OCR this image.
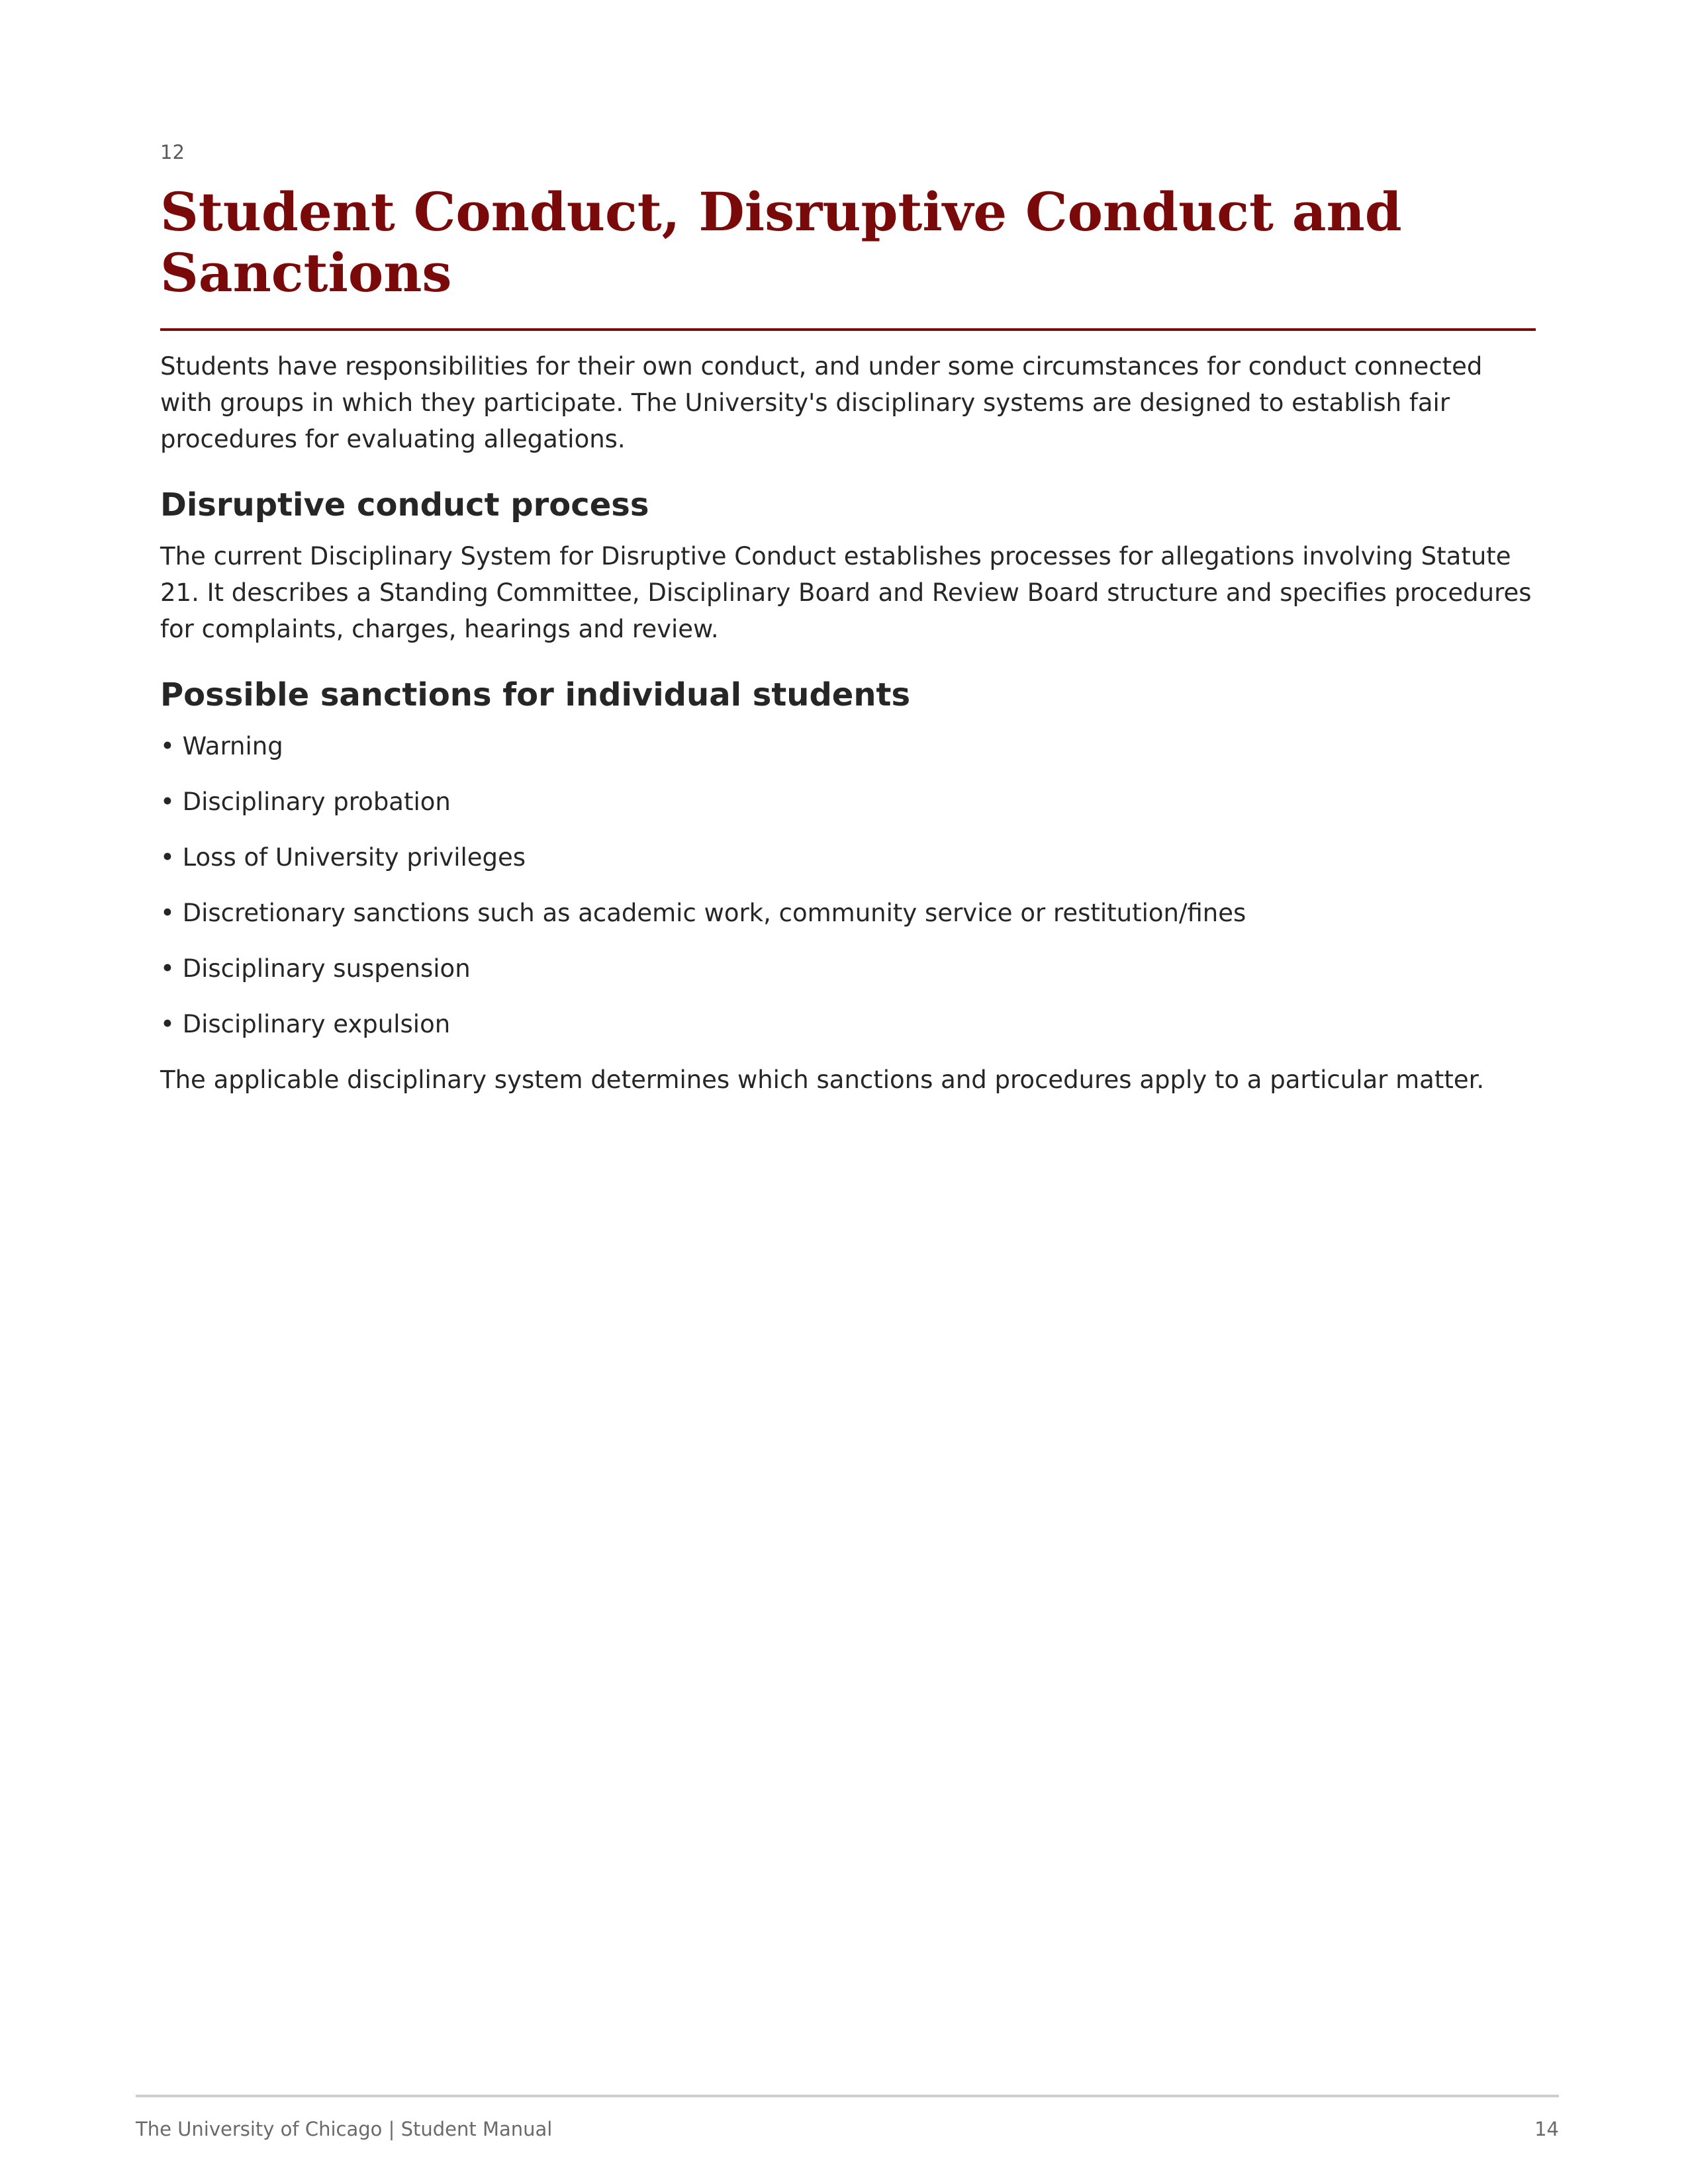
12
Student Conduct, Disruptive Conduct and Sanctions

Students have responsibilities for their own conduct, and under some circumstances for conduct connected with groups in which they participate. The University's disciplinary systems are designed to establish fair procedures for evaluating allegations.

Disruptive conduct process

The current Disciplinary System for Disruptive Conduct establishes processes for allegations involving Statute 21. It describes a Standing Committee, Disciplinary Board and Review Board structure and specifies procedures for complaints, charges, hearings and review.

Possible sanctions for individual students
• Warning
• Disciplinary probation
• Loss of University privileges
• Discretionary sanctions such as academic work, community service or restitution/fines
• Disciplinary suspension
• Disciplinary expulsion

The applicable disciplinary system determines which sanctions and procedures apply to a particular matter.

The University of Chicago | Student Manual	14
